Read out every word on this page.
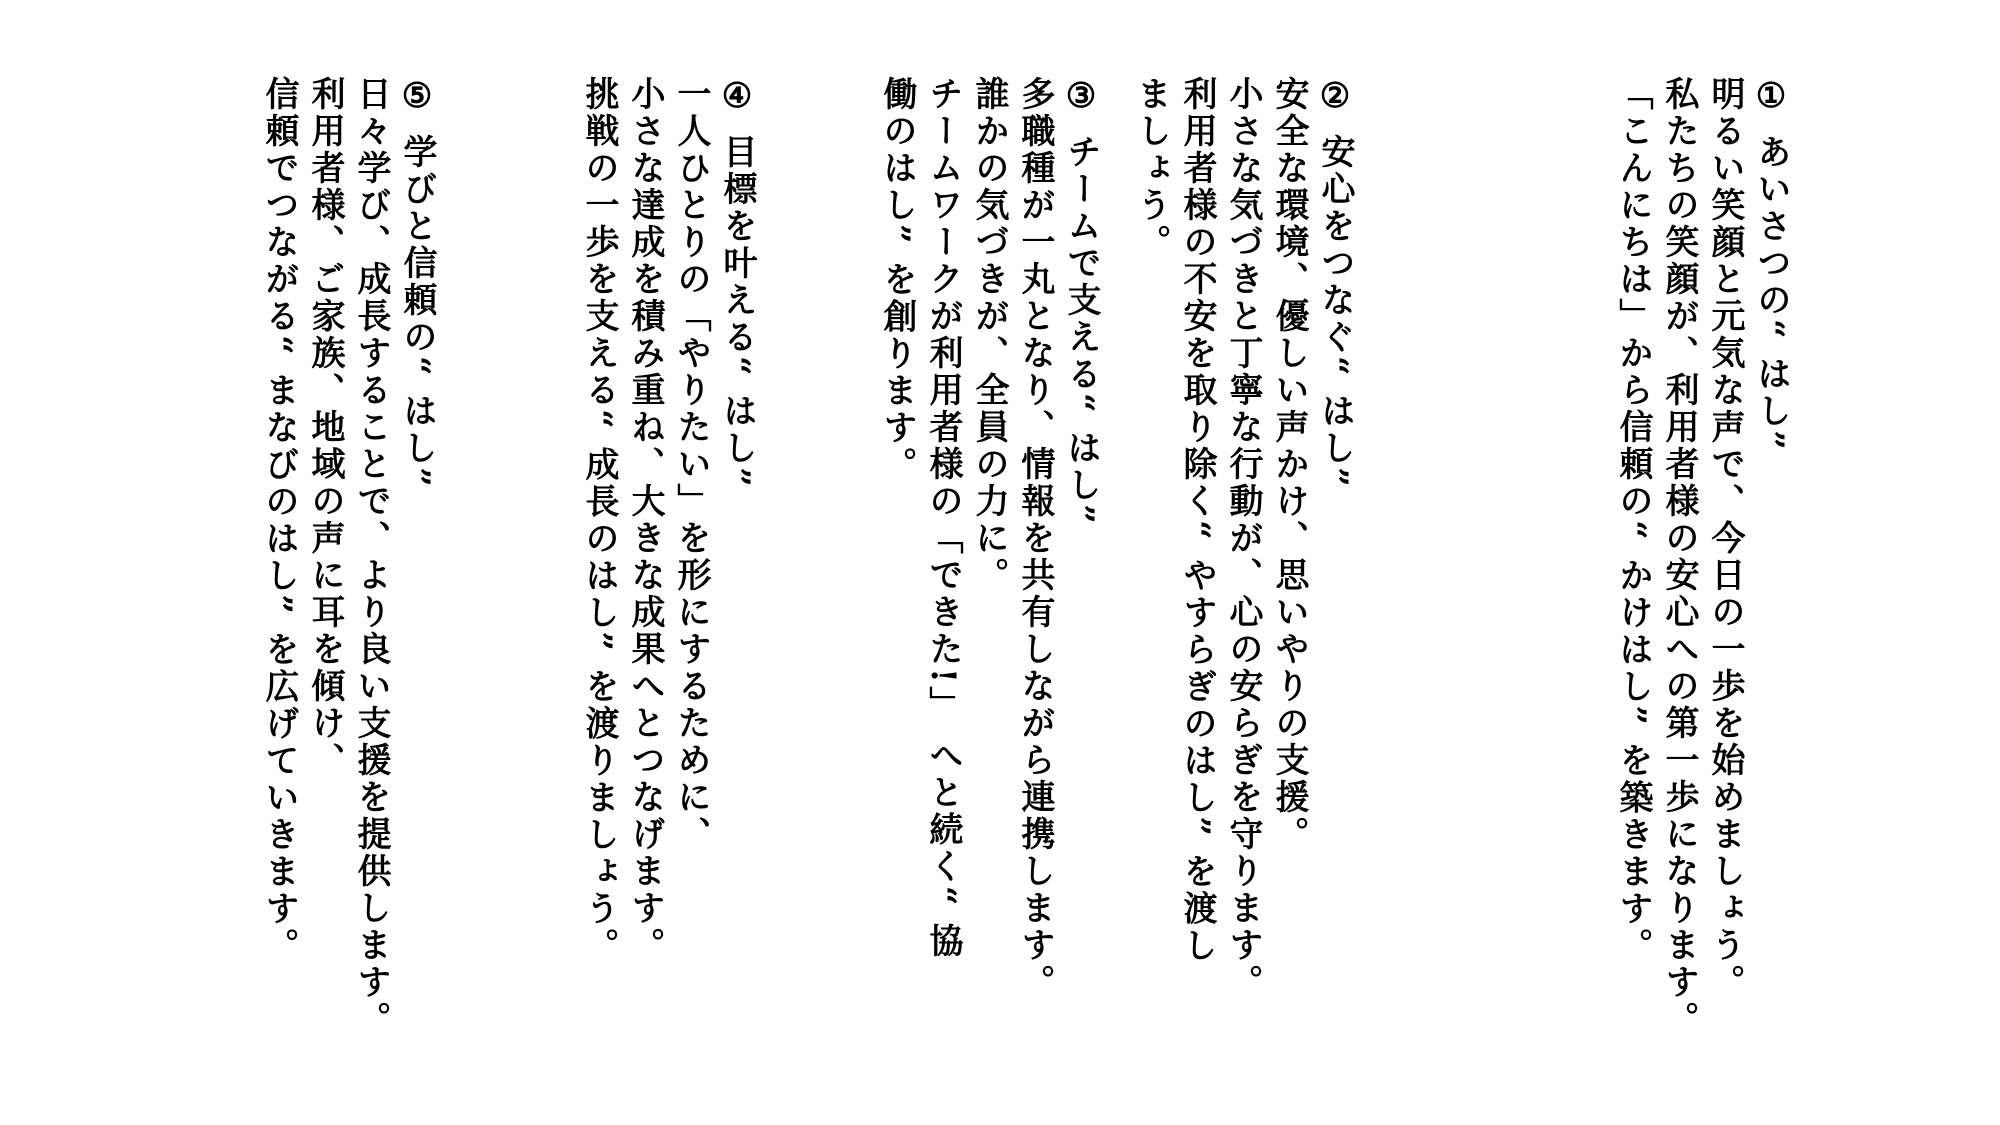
① あいさつの“ はし”
明るい笑顔と元気な声で、今日の一歩を始めましょう。
私たちの笑顔が、利用者様の安心への第一歩になります。
「こんにちは」から信頼の“ かけはし” を築きます。
② 安心をつなぐ“ はし”
安全な環境、優しい声かけ、思いやりの支援。
小さな気づきと丁寧な行動が、心の安らぎを守ります。
利用者様の不安を取り除く“ やすらぎのはし” を渡しましょう。
③ チームで支える“ はし”
多職種が一丸となり、情報を共有しながら連携します。
誰かの気づきが、全員の力に。
チームワークが利用者様の「できた!」 へと続く“ 協働のはし” を創ります。
④ 目標を叶える“ はし”
一人ひとりの「やりたい」を形にするために、
小さな達成を積み重ね、大きな成果へとつなげます。
挑戦の一歩を支える“ 成長のはし” を渡りましょう。
⑤ 学びと信頼の“ はし”
日々学び、成長することで、より良い支援を提供します。
利用者様、ご家族、地域の声に耳を傾け、
信頼でつながる“ まなびのはし” を広げていきます。
